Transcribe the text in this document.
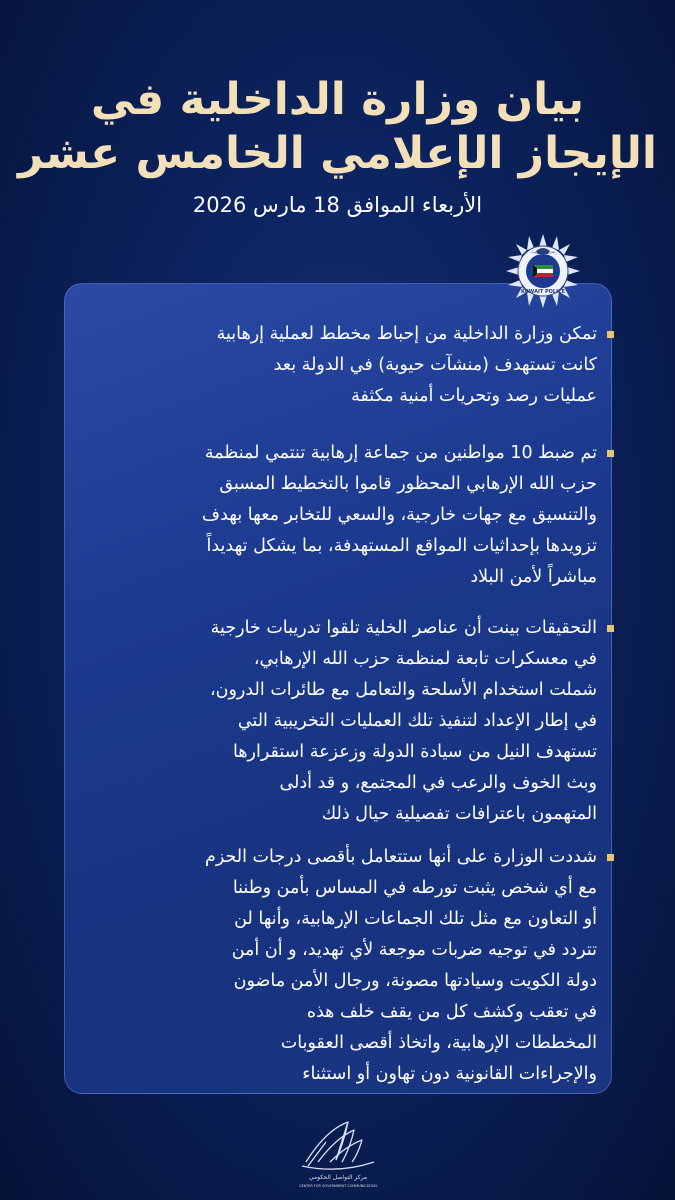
بيان وزارة الداخلية في
الإيجاز الإعلامي الخامس عشر
الأربعاء الموافق 18 مارس 2026
KUWAIT POLICE
شرطة الكويت
تمكن وزارة الداخلية من إحباط مخطط لعملية إرهابية
كانت تستهدف (منشآت حيوية) في الدولة بعد
عمليات رصد وتحريات أمنية مكثفة
تم ضبط 10 مواطنين من جماعة إرهابية تنتمي لمنظمة
حزب الله الإرهابي المحظور قاموا بالتخطيط المسبق
والتنسيق مع جهات خارجية، والسعي للتخابر معها بهدف
تزويدها بإحداثيات المواقع المستهدفة، بما يشكل تهديداً
مباشراً لأمن البلاد
التحقيقات بينت أن عناصر الخلية تلقوا تدريبات خارجية
في معسكرات تابعة لمنظمة حزب الله الإرهابي،
شملت استخدام الأسلحة والتعامل مع طائرات الدرون،
في إطار الإعداد لتنفيذ تلك العمليات التخريبية التي
تستهدف النيل من سيادة الدولة وزعزعة استقرارها
وبث الخوف والرعب في المجتمع، و قد أدلى
المتهمون باعترافات تفصيلية حيال ذلك
شددت الوزارة على أنها ستتعامل بأقصى درجات الحزم
مع أي شخص يثبت تورطه في المساس بأمن وطننا
أو التعاون مع مثل تلك الجماعات الإرهابية، وأنها لن
تتردد في توجيه ضربات موجعة لأي تهديد، و أن أمن
دولة الكويت وسيادتها مصونة، ورجال الأمن ماضون
في تعقب وكشف كل من يقف خلف هذه
المخططات الإرهابية، واتخاذ أقصى العقوبات
والإجراءات القانونية دون تهاون أو استثناء
مركز التواصل الحكومي
CENTER FOR GOVERNMENT COMMUNICATION
